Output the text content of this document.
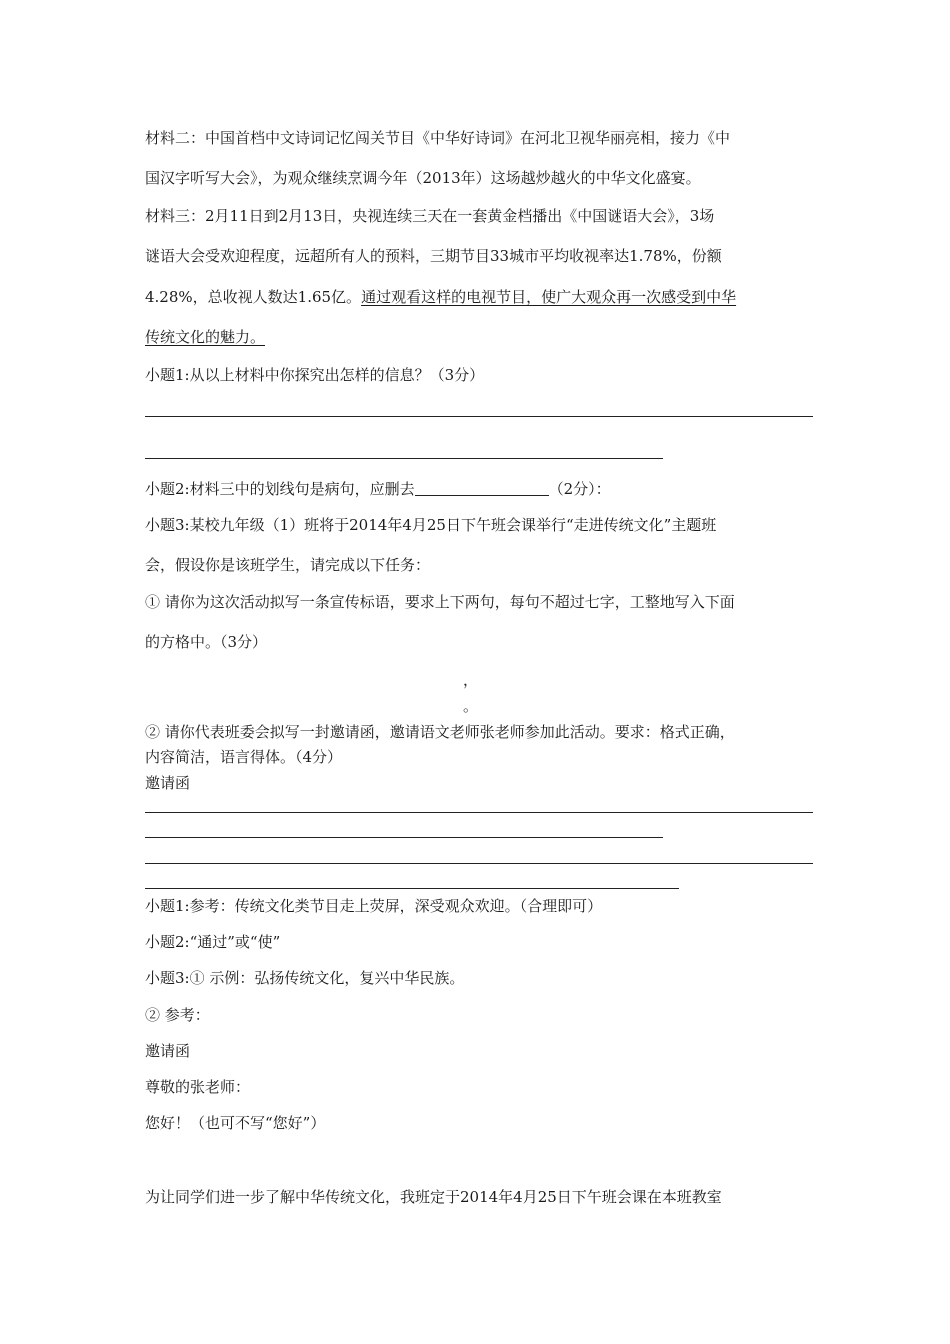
材料二：中国首档中文诗词记忆闯关节目《中华好诗词》在河北卫视华丽亮相，接力《中
国汉字听写大会》，为观众继续烹调今年（2013年）这场越炒越火的中华文化盛宴。
材料三：2月11日到2月13日，央视连续三天在一套黄金档播出《中国谜语大会》，3场
谜语大会受欢迎程度，远超所有人的预料，三期节目33城市平均收视率达1.78%，份额
4.28%，总收视人数达1.65亿。通过观看这样的电视节目，使广大观众再一次感受到中华
传统文化的魅力。
小题1:从以上材料中你探究出怎样的信息？（3分）
小题2:材料三中的划线句是病句，应删去	（2分）：
小题3:某校九年级（1）班将于2014年4月25日下午班会课举行“走进传统文化”主题班
会，假设你是该班学生，请完成以下任务：
① 请你为这次活动拟写一条宣传标语，要求上下两句，每句不超过七字，工整地写入下面
的方格中。（3分）
，
。
② 请你代表班委会拟写一封邀请函，邀请语文老师张老师参加此活动。要求：格式正确，
内容简洁，语言得体。（4分）
邀请函
小题1:参考：传统文化类节目走上荧屏，深受观众欢迎。（合理即可）
小题2:“通过”或“使”
小题3:① 示例：弘扬传统文化，复兴中华民族。
② 参考：
邀请函
尊敬的张老师：
您好！（也可不写“您好”）
为让同学们进一步了解中华传统文化，我班定于2014年4月25日下午班会课在本班教室
